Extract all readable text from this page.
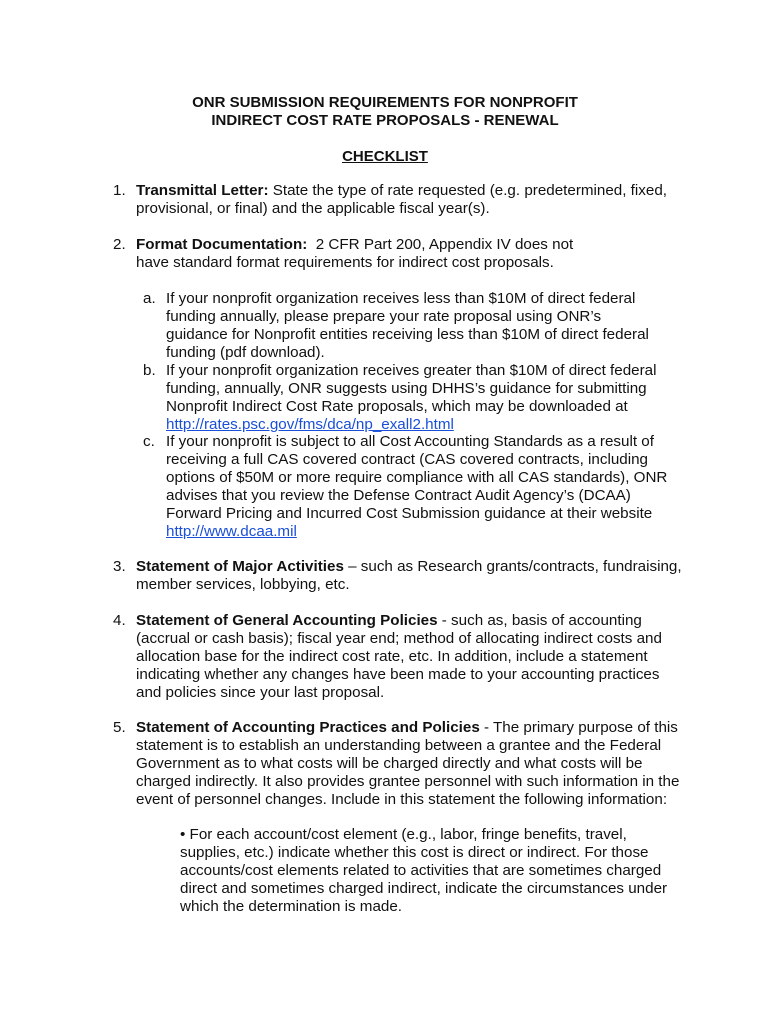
ONR SUBMISSION REQUIREMENTS FOR NONPROFIT
INDIRECT COST RATE PROPOSALS - RENEWAL
CHECKLIST
1. Transmittal Letter: State the type of rate requested (e.g. predetermined, fixed,

provisional, or final) and the applicable fiscal year(s).

2. Format Documentation:  2 CFR Part 200, Appendix IV does not

have standard format requirements for indirect cost proposals.

a. If your nonprofit organization receives less than $10M of direct federal

funding annually, please prepare your rate proposal using ONR’s

guidance for Nonprofit entities receiving less than $10M of direct federal

funding (pdf download).

b. If your nonprofit organization receives greater than $10M of direct federal

funding, annually, ONR suggests using DHHS’s guidance for submitting

Nonprofit Indirect Cost Rate proposals, which may be downloaded at

http://rates.psc.gov/fms/dca/np_exall2.html

c. If your nonprofit is subject to all Cost Accounting Standards as a result of

receiving a full CAS covered contract (CAS covered contracts, including

options of $50M or more require compliance with all CAS standards), ONR

advises that you review the Defense Contract Audit Agency’s (DCAA)

Forward Pricing and Incurred Cost Submission guidance at their website

http://www.dcaa.mil

3. Statement of Major Activities – such as Research grants/contracts, fundraising,

member services, lobbying, etc.

4. Statement of General Accounting Policies - such as, basis of accounting

(accrual or cash basis); fiscal year end; method of allocating indirect costs and

allocation base for the indirect cost rate, etc. In addition, include a statement

indicating whether any changes have been made to your accounting practices

and policies since your last proposal.

5. Statement of Accounting Practices and Policies - The primary purpose of this

statement is to establish an understanding between a grantee and the Federal

Government as to what costs will be charged directly and what costs will be

charged indirectly. It also provides grantee personnel with such information in the

event of personnel changes. Include in this statement the following information:

• For each account/cost element (e.g., labor, fringe benefits, travel,

supplies, etc.) indicate whether this cost is direct or indirect. For those

accounts/cost elements related to activities that are sometimes charged

direct and sometimes charged indirect, indicate the circumstances under

which the determination is made.
